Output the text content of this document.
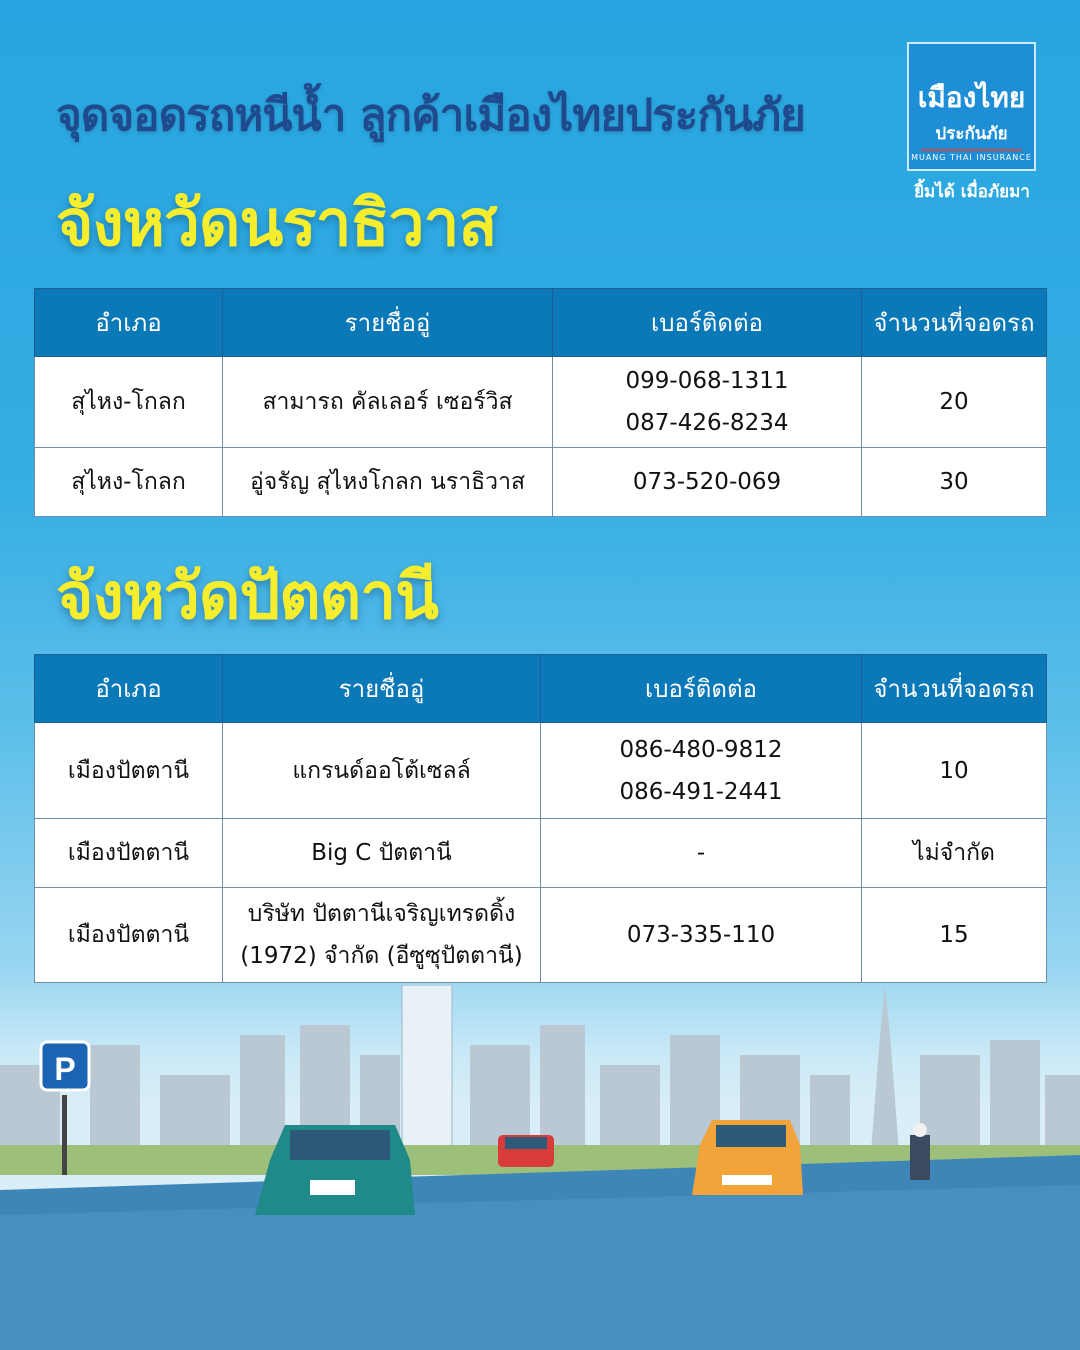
จุดจอดรถหนีน้ำ ลูกค้าเมืองไทยประกันภัย	เมืองไทย
ประกันภัย
MUANG THAI INSURANCE
ยิ้มได้ เมื่อภัยมา
จังหวัดนราธิวาส
อำเภอ	รายชื่ออู่	เบอร์ติดต่อ	จำนวนที่จอดรถ
สุไหง-โกลก	สามารถ คัลเลอร์ เซอร์วิส	099-068-1311
087-426-8234	20
สุไหง-โกลก	อู่จรัญ สุไหงโกลก นราธิวาส	073-520-069	30
จังหวัดปัตตานี
อำเภอ	รายชื่ออู่	เบอร์ติดต่อ	จำนวนที่จอดรถ
เมืองปัตตานี	แกรนด์ออโต้เซลล์	086-480-9812
086-491-2441	10
เมืองปัตตานี	Big C ปัตตานี	-	ไม่จำกัด
เมืองปัตตานี	บริษัท ปัตตานีเจริญเทรดดิ้ง
(1972) จำกัด (อีซูซุปัตตานี)	073-335-110	15
P
